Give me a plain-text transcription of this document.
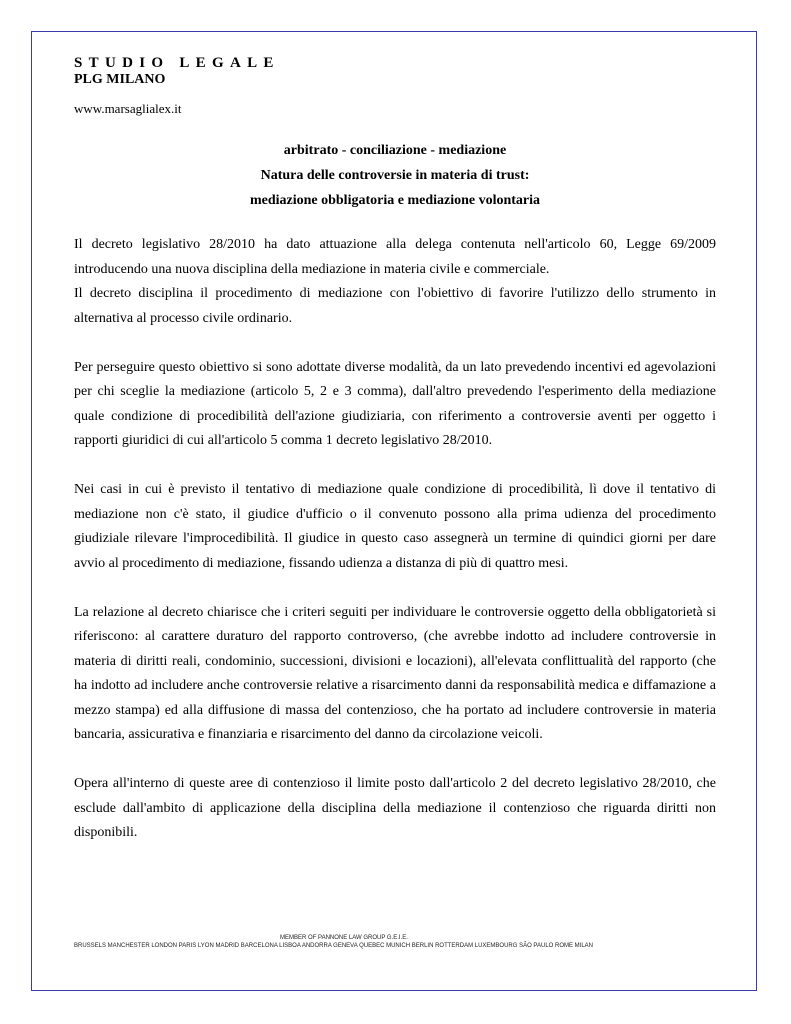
STUDIO LEGALE
PLG MILANO
www.marsaglialex.it
arbitrato - conciliazione - mediazione
Natura delle controversie in materia di trust:
mediazione obbligatoria e mediazione volontaria

Il decreto legislativo 28/2010 ha dato attuazione alla delega contenuta nell'articolo 60, Legge 69/2009 introducendo una nuova disciplina della mediazione in materia civile e commerciale.

Il decreto disciplina il procedimento di mediazione con l'obiettivo di favorire l'utilizzo dello strumento in alternativa al processo civile ordinario.

Per perseguire questo obiettivo si sono adottate diverse modalità, da un lato prevedendo incentivi ed agevolazioni per chi sceglie la mediazione (articolo 5, 2 e 3 comma), dall'altro prevedendo l'esperimento della mediazione quale condizione di procedibilità dell'azione giudiziaria, con riferimento a controversie aventi per oggetto i rapporti giuridici di cui all'articolo 5 comma 1 decreto legislativo 28/2010.

Nei casi in cui è previsto il tentativo di mediazione quale condizione di procedibilità, lì dove il tentativo di mediazione non c'è stato, il giudice d'ufficio o il convenuto possono alla prima udienza del procedimento giudiziale rilevare l'improcedibilità. Il giudice in questo caso assegnerà un termine di quindici giorni per dare avvio al procedimento di mediazione, fissando udienza a distanza di più di quattro mesi.

La relazione al decreto chiarisce che i criteri seguiti per individuare le controversie oggetto della obbligatorietà si riferiscono: al carattere duraturo del rapporto controverso, (che avrebbe indotto ad includere controversie in materia di diritti reali, condominio, successioni, divisioni e locazioni), all'elevata conflittualità del rapporto (che ha indotto ad includere anche controversie relative a risarcimento danni da responsabilità medica e diffamazione a mezzo stampa) ed alla diffusione di massa del contenzioso, che ha portato ad includere controversie in materia bancaria, assicurativa e finanziaria e risarcimento del danno da circolazione veicoli.

Opera all'interno di queste aree di contenzioso il limite posto dall'articolo 2 del decreto legislativo 28/2010, che esclude dall'ambito di applicazione della disciplina della mediazione il contenzioso che riguarda diritti non disponibili.

MEMBER OF PANNONE LAW GROUP G.E.I.E.
BRUSSELS MANCHESTER LONDON PARIS LYON MADRID BARCELONA LISBOA ANDORRA GENEVA QUEBEC MUNICH BERLIN ROTTERDAM LUXEMBOURG SÃO PAULO ROME MILAN
